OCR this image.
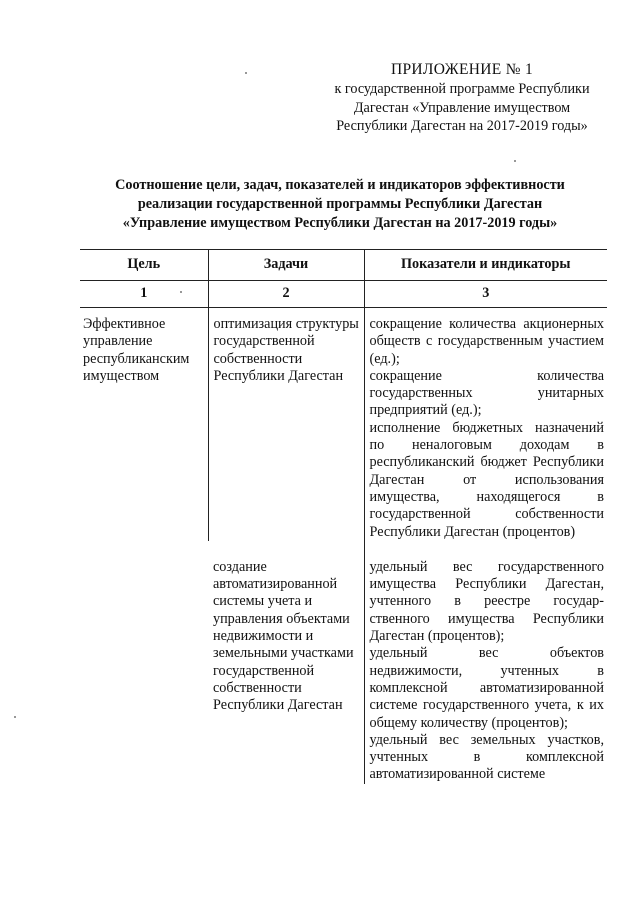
ПРИЛОЖЕНИЕ № 1
к государственной программе Республики
Дагестан «Управление имуществом
Республики Дагестан на 2017-2019 годы»
Соотношение цели, задач, показателей и индикаторов эффективности
реализации государственной программы Республики Дагестан
«Управление имуществом Республики Дагестан на 2017-2019 годы»
Цель	Задачи	Показатели и индикаторы
1	2	3

Эффективное управление республиканским имуществом	оптимизация структуры государственной собственности Республики Дагестан	сокращение количества акционерных обществ с государственным участием (ед.);
сокращение количества государственных унитарных предприятий (ед.);
исполнение бюджетных назначений по неналоговым доходам в республиканский бюджет Республики Дагестан от использования имущества, находящегося в государственной собственности Республики Дагестан (процентов)

	создание автоматизированной системы учета и управления объектами недвижимости и земельными участками государственной собственности Республики Дагестан	удельный вес государственного имущества Республики Дагестан, учтенного в реестре государ-ственного имущества Республики Дагестан (процентов);
удельный вес объектов недвижимости, учтенных в комплексной автоматизированной системе государственного учета, к их общему количеству (процентов);
удельный вес земельных участков, учтенных в комплексной автоматизированной системе
